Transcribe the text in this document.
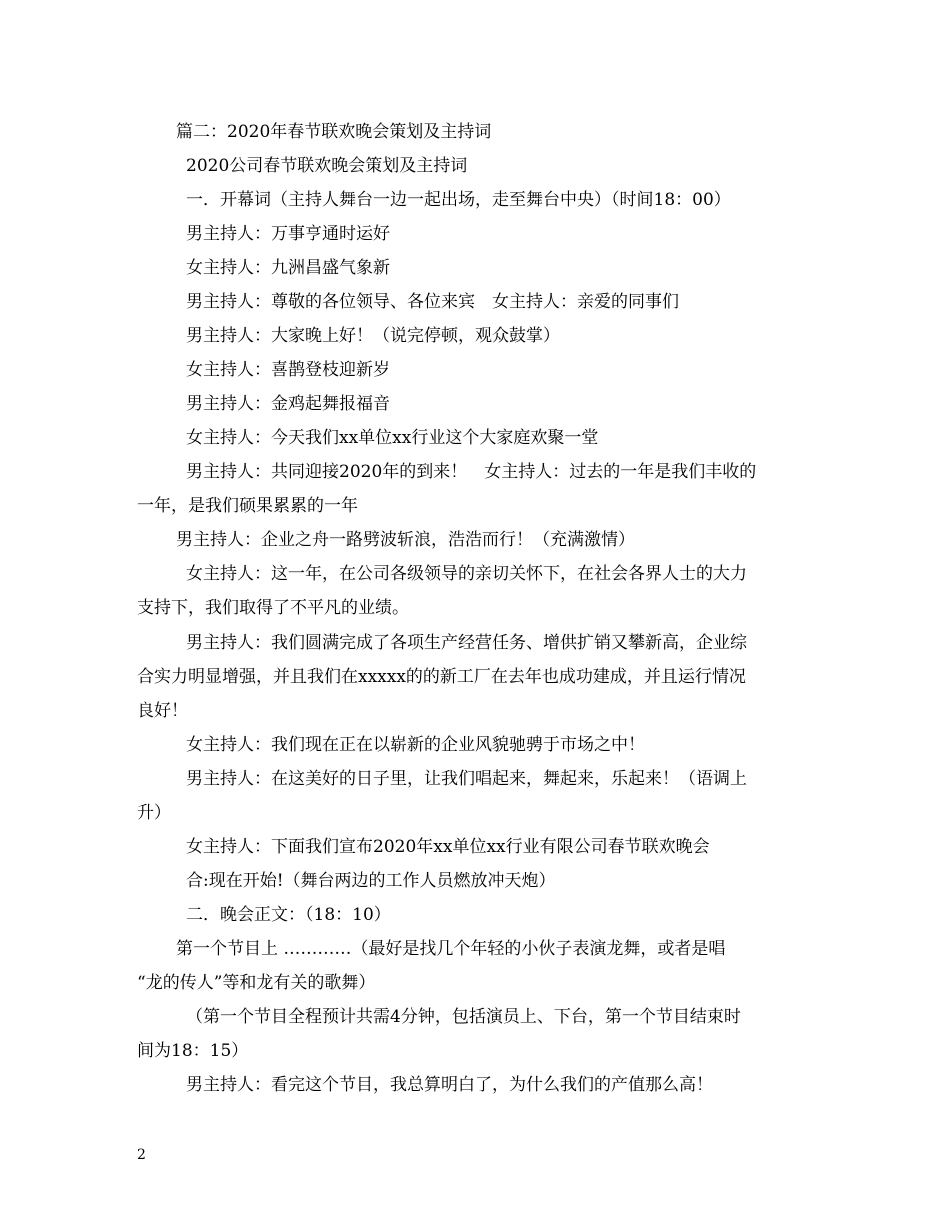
篇二：2020年春节联欢晚会策划及主持词
2020公司春节联欢晚会策划及主持词
一．开幕词（主持人舞台一边一起出场，走至舞台中央）（时间18：00）
男主持人：万事亨通时运好
女主持人：九洲昌盛气象新
男主持人：尊敬的各位领导、各位来宾　女主持人：亲爱的同事们
男主持人：大家晚上好！（说完停顿，观众鼓掌）
女主持人：喜鹊登枝迎新岁
男主持人：金鸡起舞报福音
女主持人：今天我们xx单位xx行业这个大家庭欢聚一堂
男主持人：共同迎接2020年的到来！　女主持人：过去的一年是我们丰收的
一年，是我们硕果累累的一年
男主持人：企业之舟一路劈波斩浪，浩浩而行！（充满激情）
女主持人：这一年，在公司各级领导的亲切关怀下，在社会各界人士的大力
支持下，我们取得了不平凡的业绩。
男主持人：我们圆满完成了各项生产经营任务、增供扩销又攀新高，企业综
合实力明显增强，并且我们在xxxxx的的新工厂在去年也成功建成，并且运行情况
良好！
女主持人：我们现在正在以崭新的企业风貌驰骋于市场之中！
男主持人：在这美好的日子里，让我们唱起来，舞起来，乐起来！（语调上
升）
女主持人：下面我们宣布2020年xx单位xx行业有限公司春节联欢晚会
合:现在开始!（舞台两边的工作人员燃放冲天炮）
二．晚会正文：（18：10）
第一个节目上 …………（最好是找几个年轻的小伙子表演龙舞，或者是唱
“龙的传人”等和龙有关的歌舞）
（第一个节目全程预计共需4分钟，包括演员上、下台，第一个节目结束时
间为18：15）
男主持人：看完这个节目，我总算明白了，为什么我们的产值那么高！
2
